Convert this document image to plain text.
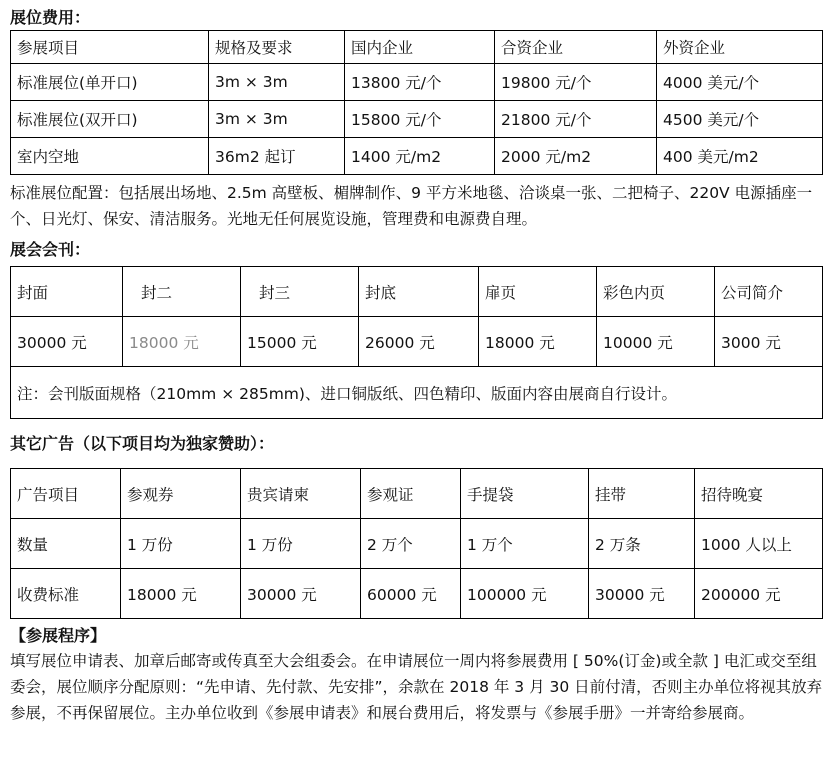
展位费用：
参展项目	规格及要求	国内企业	合资企业	外资企业
标准展位(单开口)	3m × 3m	13800 元/个	19800 元/个	4000 美元/个
标准展位(双开口)	3m × 3m	15800 元/个	21800 元/个	4500 美元/个
室内空地	36m2 起订	1400 元/m2	2000 元/m2	400 美元/m2
标准展位配置：包括展出场地、2.5m 高壁板、楣牌制作、9 平方米地毯、洽谈桌一张、二把椅子、220V 电源插座一个、日光灯、保安、清洁服务。光地无任何展览设施，管理费和电源费自理。
展会会刊：
封面	封二	封三	封底	扉页	彩色内页	公司简介
30000 元	18000 元	15000 元	26000 元	18000 元	10000 元	3000 元
注：会刊版面规格（210mm × 285mm)、进口铜版纸、四色精印、版面内容由展商自行设计。						
其它广告（以下项目均为独家赞助）：
广告项目	参观券	贵宾请柬	参观证	手提袋	挂带	招待晚宴
数量	1 万份	1 万份	2 万个	1 万个	2 万条	1000 人以上
收费标准	18000 元	30000 元	60000 元	100000 元	30000 元	200000 元
【参展程序】
填写展位申请表、加章后邮寄或传真至大会组委会。在申请展位一周内将参展费用 [ 50%(订金)或全款 ] 电汇或交至组委会，展位顺序分配原则：“先申请、先付款、先安排”，余款在 2018 年 3 月 30 日前付清，否则主办单位将视其放弃参展，不再保留展位。主办单位收到《参展申请表》和展台费用后，将发票与《参展手册》一并寄给参展商。
